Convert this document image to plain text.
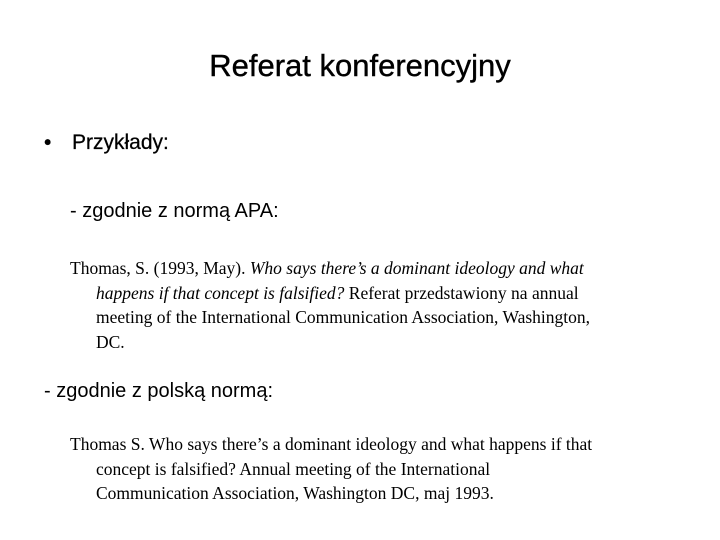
Referat konferencyjny
• Przykłady:
- zgodnie z normą APA:
Thomas, S. (1993, May). Who says there’s a dominant ideology and what
happens if that concept is falsified? Referat przedstawiony na annual
meeting of the International Communication Association, Washington,
DC.
- zgodnie z polską normą:
Thomas S. Who says there’s a dominant ideology and what happens if that
concept is falsified? Annual meeting of the International
Communication Association, Washington DC, maj 1993.
